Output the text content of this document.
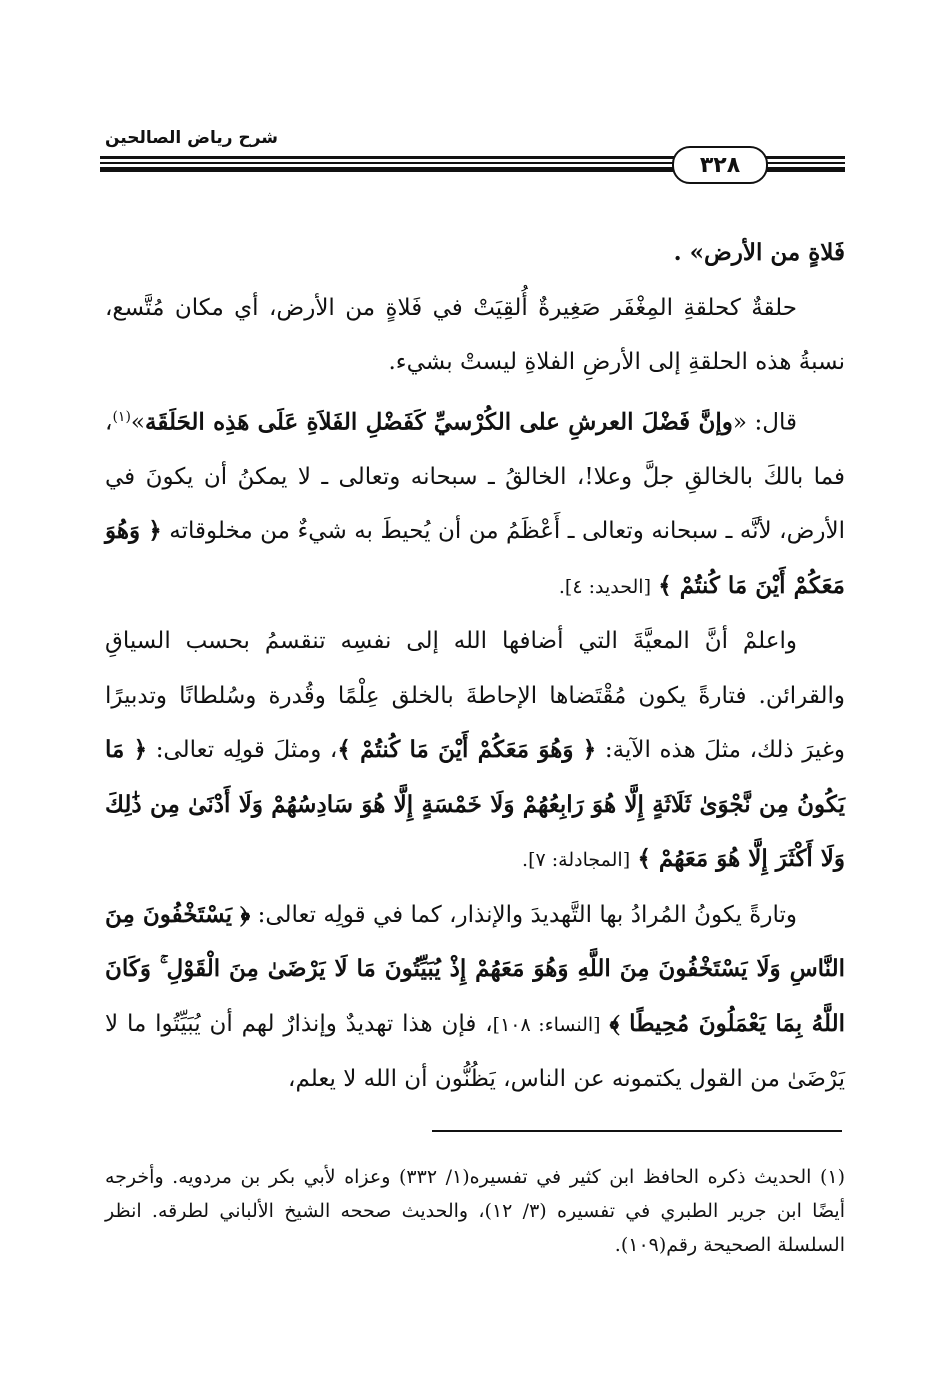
شرح رياض الصالحين
٣٢٨

فَلاةٍ من الأرض» .

حلقةٌ كحلقةِ المِغْفَر صَغِيرةٌ أُلقِيَتْ في فَلاةٍ من الأرض، أي مكان مُتَّسع، نسبةُ هذه الحلقةِ إلى الأرضِ الفلاةِ ليستْ بشيء.

قال: «وإنَّ فَضْلَ العرشِ على الكُرْسيِّ كَفَضْلِ الفَلاَةِ عَلَى هَذِه الحَلَقَة»$^{(١)}$، فما بالكَ بالخالقِ جلَّ وعلا!، الخالقُ ـ سبحانه وتعالى ـ لا يمكنُ أن يكونَ في الأرض، لأنَّه ـ سبحانه وتعالى ـ أَعْظَمُ من أن يُحيطَ به شيءٌ من مخلوقاته ﴿ وَهُوَ مَعَكُمْ أَيْنَ مَا كُنتُمْ ﴾ [الحديد: ٤].

واعلمْ أنَّ المعيَّةَ التي أضافها الله إلى نفسِه تنقسمُ بحسب السياقِ والقرائن. فتارةً يكون مُقْتَضاها الإحاطةَ بالخلق عِلْمًا وقُدرة وسُلطانًا وتدبيرًا وغيرَ ذلك، مثلَ هذه الآية: ﴿ وَهُوَ مَعَكُمْ أَيْنَ مَا كُنتُمْ ﴾، ومثلَ قولِه تعالى: ﴿ مَا يَكُونُ مِن نَّجْوَىٰ ثَلَاثَةٍ إِلَّا هُوَ رَابِعُهُمْ وَلَا خَمْسَةٍ إِلَّا هُوَ سَادِسُهُمْ وَلَا أَدْنَىٰ مِن ذَٰلِكَ وَلَا أَكْثَرَ إِلَّا هُوَ مَعَهُمْ ﴾ [المجادلة: ٧].

وتارةً يكونُ المُرادُ بها التَّهديدَ والإنذار، كما في قولِه تعالى: ﴿ يَسْتَخْفُونَ مِنَ النَّاسِ وَلَا يَسْتَخْفُونَ مِنَ اللَّهِ وَهُوَ مَعَهُمْ إِذْ يُبَيِّتُونَ مَا لَا يَرْضَىٰ مِنَ الْقَوْلِ ۚ وَكَانَ اللَّهُ بِمَا يَعْمَلُونَ مُحِيطًا ﴾ [النساء: ١٠٨]، فإن هذا تهديدٌ وإنذارٌ لهم أن يُبَيِّتُوا ما لا يَرْضَىٰ من القول يكتمونه عن الناس، يَظُنُّون أن الله لا يعلم،

(١) الحديث ذكره الحافظ ابن كثير في تفسيره(١/ ٣٣٢) وعزاه لأبي بكر بن مردويه. وأخرجه أيضًا ابن جرير الطبري في تفسيره (٣/ ١٢)، والحديث صححه الشيخ الألباني لطرقه. انظر السلسلة الصحيحة رقم(١٠٩).
